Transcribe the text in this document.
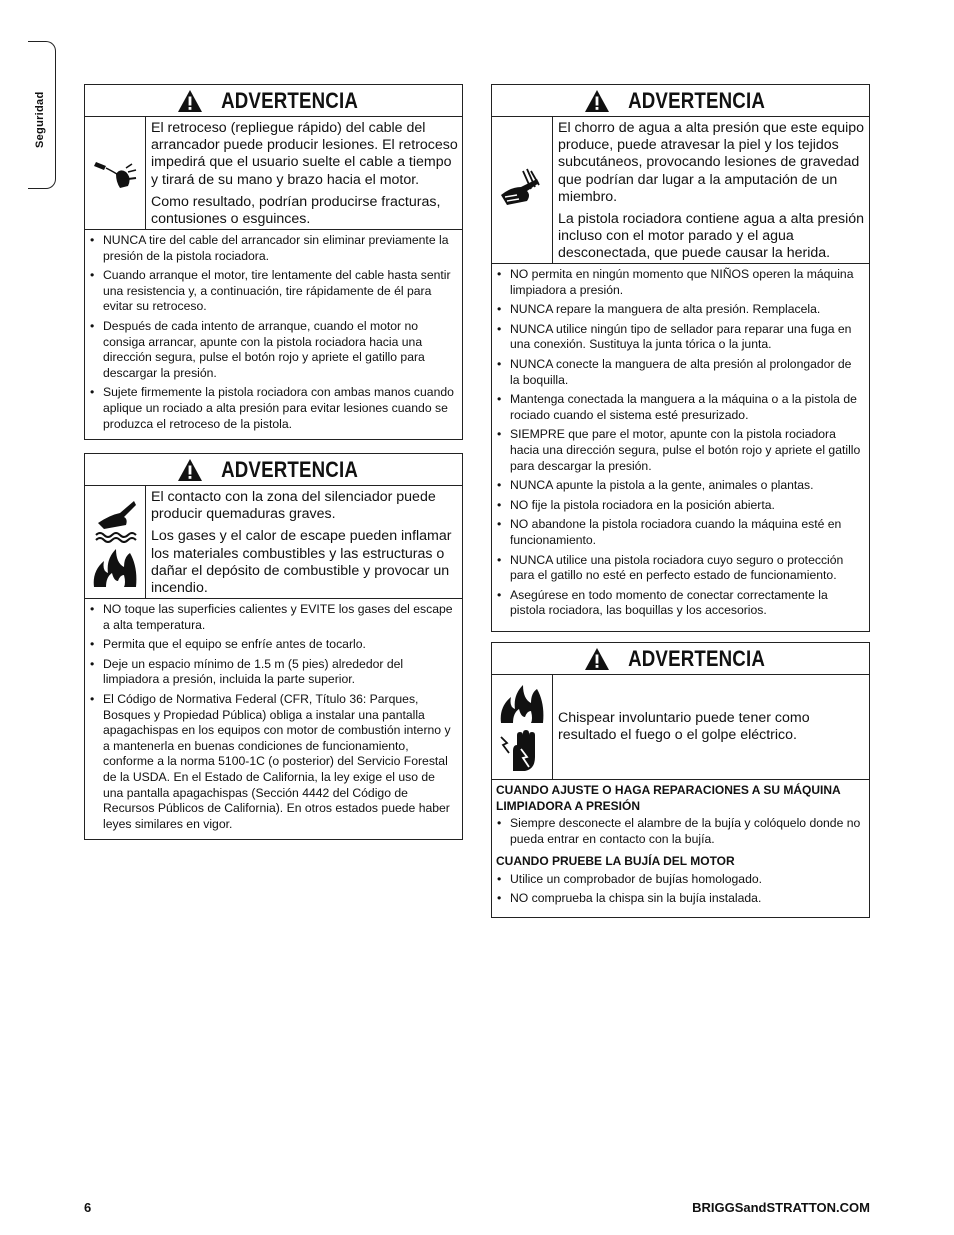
Seguridad	ADVERTENCIA

El retroceso (repliegue rápido) del cable del arrancador puede producir lesiones. El retroceso impedirá que el usuario suelte el cable a tiempo y tirará de su mano y brazo hacia el motor.

Como resultado, podrían producirse fracturas, contusiones o esguinces.

• NUNCA tire del cable del arrancador sin eliminar previamente la presión de la pistola rociadora.
• Cuando arranque el motor, tire lentamente del cable hasta sentir una resistencia y, a continuación, tire rápidamente de él para evitar su retroceso.
• Después de cada intento de arranque, cuando el motor no consiga arrancar, apunte con la pistola rociadora hacia una dirección segura, pulse el botón rojo y apriete el gatillo para descargar la presión.
• Sujete firmemente la pistola rociadora con ambas manos cuando aplique un rociado a alta presión para evitar lesiones cuando se produzca el retroceso de la pistola.
ADVERTENCIA

El contacto con la zona del silenciador puede producir quemaduras graves.

Los gases y el calor de escape pueden inflamar los materiales combustibles y las estructuras o dañar el depósito de combustible y provocar un incendio.

• NO toque las superficies calientes y EVITE los gases del escape a alta temperatura.
• Permita que el equipo se enfríe antes de tocarlo.
• Deje un espacio mínimo de 1.5 m (5 pies) alrededor del limpiadora a presión, incluida la parte superior.
• El Código de Normativa Federal (CFR, Título 36: Parques, Bosques y Propiedad Pública) obliga a instalar una pantalla apagachispas en los equipos con motor de combustión interno y a mantenerla en buenas condiciones de funcionamiento, conforme a la norma 5100-1C (o posterior) del Servicio Forestal de la USDA. En el Estado de California, la ley exige el uso de una pantalla apagachispas (Sección 4442 del Código de Recursos Públicos de California). En otros estados puede haber leyes similares en vigor.
ADVERTENCIA

El chorro de agua a alta presión que este equipo produce, puede atravesar la piel y los tejidos subcutáneos, provocando lesiones de gravedad que podrían dar lugar a la amputación de un miembro.

La pistola rociadora contiene agua a alta presión incluso con el motor parado y el agua desconectada, que puede causar la herida.

• NO permita en ningún momento que NIÑOS operen la máquina limpiadora a presión.
• NUNCA repare la manguera de alta presión. Remplacela.
• NUNCA utilice ningún tipo de sellador para reparar una fuga en una conexión. Sustituya la junta tórica o la junta.
• NUNCA conecte la manguera de alta presión al prolongador de la boquilla.
• Mantenga conectada la manguera a la máquina o a la pistola de rociado cuando el sistema esté presurizado.
• SIEMPRE que pare el motor, apunte con la pistola rociadora hacia una dirección segura, pulse el botón rojo y apriete el gatillo para descargar la presión.
• NUNCA apunte la pistola a la gente, animales o plantas.
• NO fije la pistola rociadora en la posición abierta.
• NO abandone la pistola rociadora cuando la máquina esté en funcionamiento.
• NUNCA utilice una pistola rociadora cuyo seguro o protección para el gatillo no esté en perfecto estado de funcionamiento.
• Asegúrese en todo momento de conectar correctamente la pistola rociadora, las boquillas y los accesorios.
ADVERTENCIA

Chispear involuntario puede tener como resultado el fuego o el golpe eléctrico.

CUANDO AJUSTE O HAGA REPARACIONES A SU MÁQUINA LIMPIADORA A PRESIÓN
• Siempre desconecte el alambre de la bujía y colóquelo donde no pueda entrar en contacto con la bujía.
CUANDO PRUEBE LA BUJÍA DEL MOTOR
• Utilice un comprobador de bujías homologado.
• NO comprueba la chispa sin la bujía instalada.
6	BRIGGSandSTRATTON.COM
